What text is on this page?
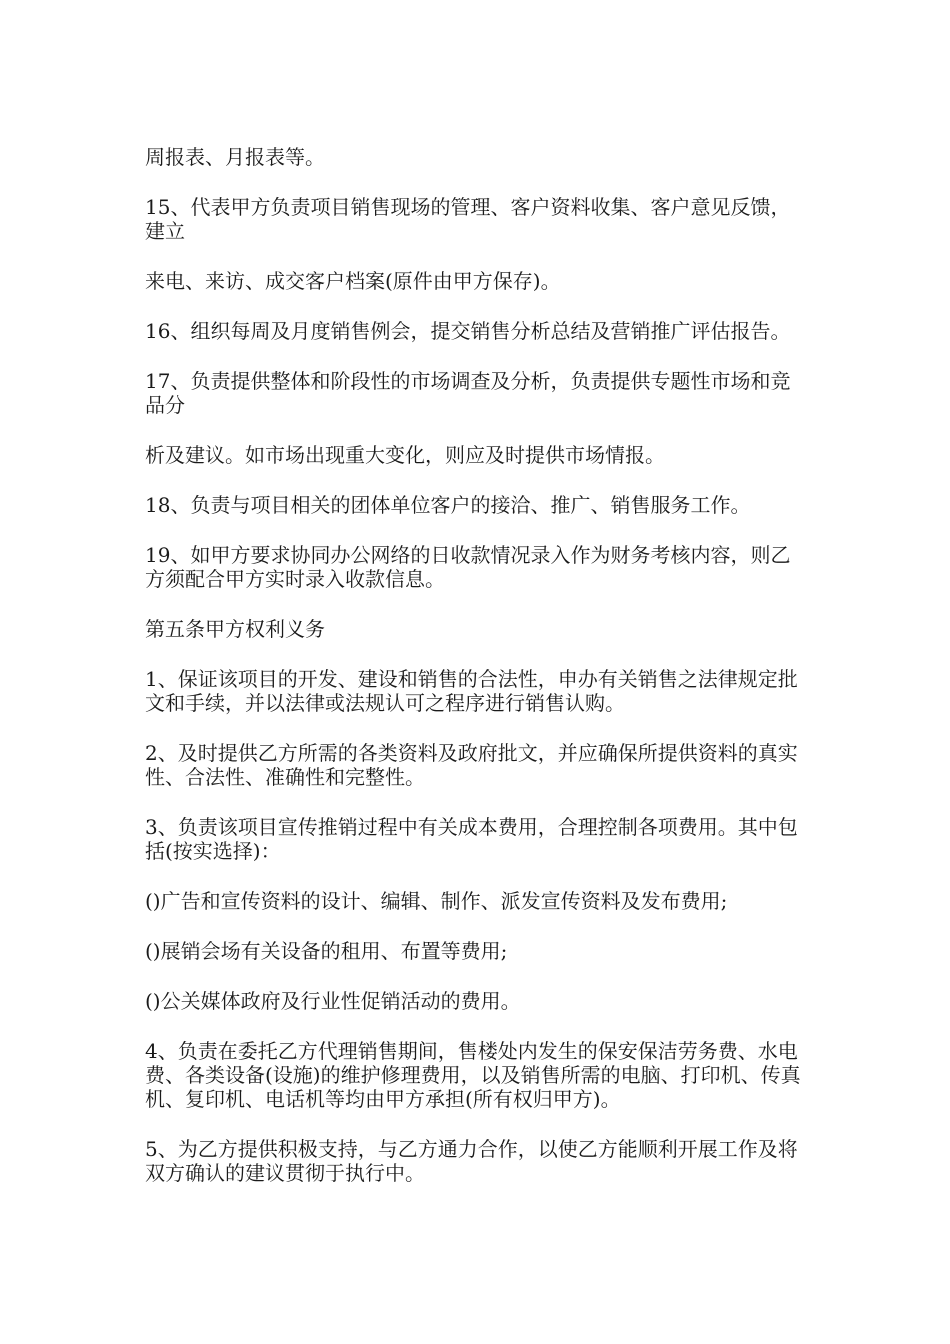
周报表、月报表等。

15、代表甲方负责项目销售现场的管理、客户资料收集、客户意见反馈，建立

来电、来访、成交客户档案(原件由甲方保存)。

16、组织每周及月度销售例会，提交销售分析总结及营销推广评估报告。

17、负责提供整体和阶段性的市场调查及分析，负责提供专题性市场和竞品分

析及建议。如市场出现重大变化，则应及时提供市场情报。

18、负责与项目相关的团体单位客户的接洽、推广、销售服务工作。

19、如甲方要求协同办公网络的日收款情况录入作为财务考核内容，则乙方须配合甲方实时录入收款信息。

第五条甲方权利义务

1、保证该项目的开发、建设和销售的合法性，申办有关销售之法律规定批文和手续，并以法律或法规认可之程序进行销售认购。

2、及时提供乙方所需的各类资料及政府批文，并应确保所提供资料的真实性、合法性、准确性和完整性。

3、负责该项目宣传推销过程中有关成本费用，合理控制各项费用。其中包括(按实选择)：

()广告和宣传资料的设计、编辑、制作、派发宣传资料及发布费用;

()展销会场有关设备的租用、布置等费用;

()公关媒体政府及行业性促销活动的费用。

4、负责在委托乙方代理销售期间，售楼处内发生的保安保洁劳务费、水电费、各类设备(设施)的维护修理费用，以及销售所需的电脑、打印机、传真机、复印机、电话机等均由甲方承担(所有权归甲方)。

5、为乙方提供积极支持，与乙方通力合作，以使乙方能顺利开展工作及将双方确认的建议贯彻于执行中。
